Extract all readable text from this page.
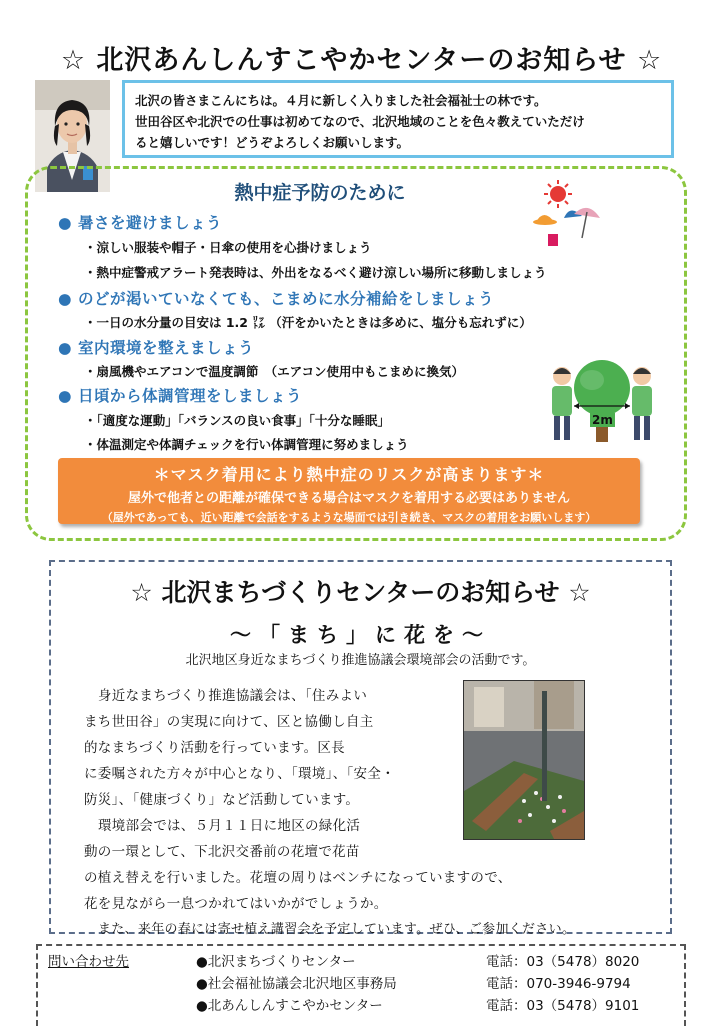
☆ 北沢あんしんすこやかセンターのお知らせ ☆
北沢の皆さまこんにちは。４月に新しく入りました社会福祉士の林です。
世田谷区や北沢での仕事は初めてなので、北沢地域のことを色々教えていただけ
ると嬉しいです！どうぞよろしくお願いします。
熱中症予防のために
● 暑さを避けましょう
・涼しい服装や帽子・日傘の使用を心掛けましょう
・熱中症警戒アラート発表時は、外出をなるべく避け涼しい場所に移動しましょう
● のどが渇いていなくても、こまめに水分補給をしましょう
・一日の水分量の目安は 1.2 ㍑ （汗をかいたときは多めに、塩分も忘れずに）
● 室内環境を整えましょう
・扇風機やエアコンで温度調節　（エアコン使用中もこまめに換気）
● 日頃から体調管理をしましょう
・「適度な運動」「バランスの良い食事」「十分な睡眠」
・体温測定や体調チェックを行い体調管理に努めましょう
2m
＊マスク着用により熱中症のリスクが高まります＊
屋外で他者との距離が確保できる場合はマスクを着用する必要はありません
（屋外であっても、近い距離で会話をするような場面では引き続き、マスクの着用をお願いします）
☆ 北沢まちづくりセンターのお知らせ ☆
～「まち」に花を～
北沢地区身近なまちづくり推進協議会環境部会の活動です。
身近なまちづくり推進協議会は、「住みよい
まち世田谷」の実現に向けて、区と協働し自主
的なまちづくり活動を行っています。区長
に委嘱された方々が中心となり、「環境」、「安全・
防災」、「健康づくり」など活動しています。
環境部会では、５月１１日に地区の緑化活
動の一環として、下北沢交番前の花壇で花苗
の植え替えを行いました。花壇の周りはベンチになっていますので、
花を見ながら一息つかれてはいかがでしょうか。
また、来年の春には寄せ植え講習会を予定しています。ぜひ、ご参加ください。
問い合わせ先	●北沢まちづくりセンター	電話：03（5478）8020
●社会福祉協議会北沢地区事務局	電話：070-3946-9794
●北あんしんすこやかセンター	電話：03（5478）9101
